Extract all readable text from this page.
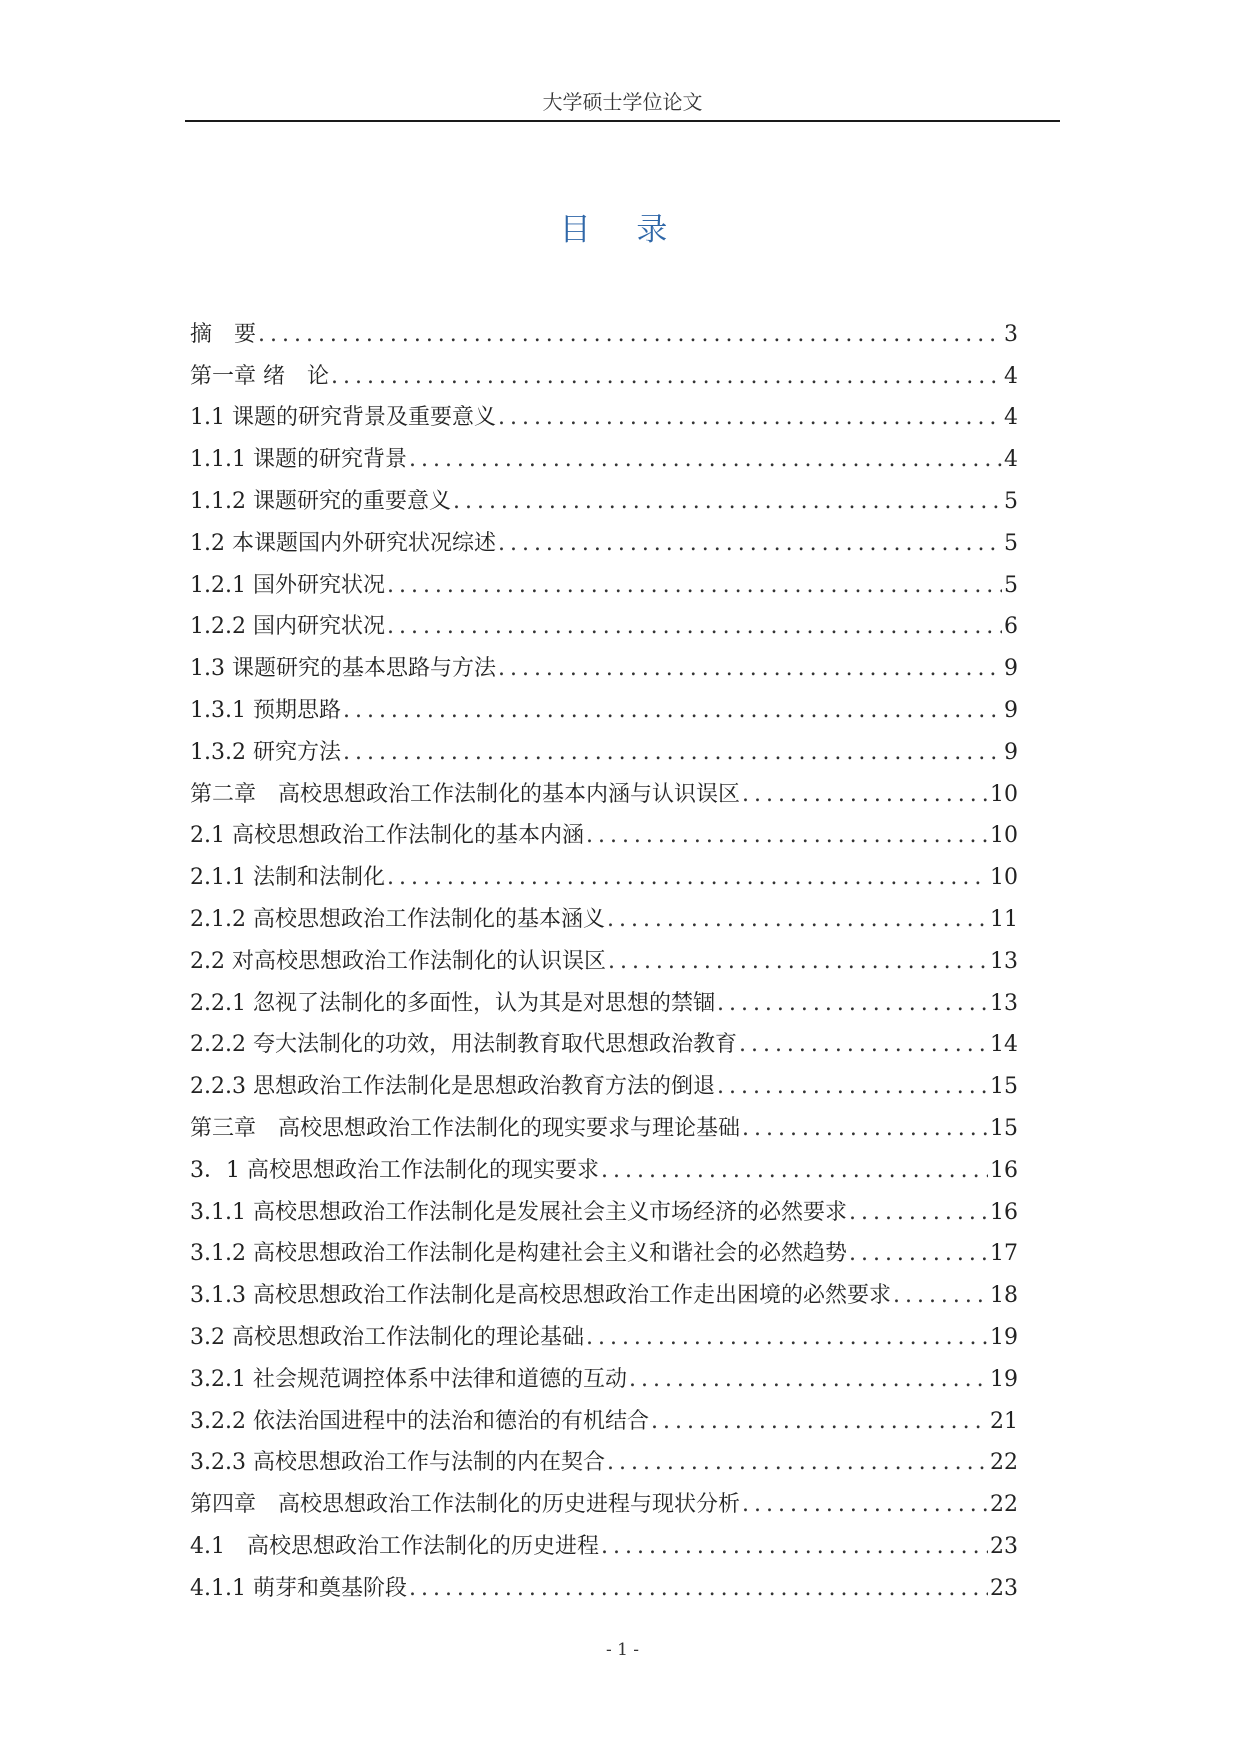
大学硕士学位论文
目 录
摘　要 . . .	3
第一章 绪　论 . . .	4
1.1 课题的研究背景及重要意义 . . .	4
1.1.1 课题的研究背景 . . .	4
1.1.2 课题研究的重要意义 . . .	5
1.2 本课题国内外研究状况综述 . . .	5
1.2.1 国外研究状况 . . .	5
1.2.2 国内研究状况 . . .	6
1.3 课题研究的基本思路与方法 . . .	9
1.3.1 预期思路 . . .	9
1.3.2 研究方法 . . .	9
第二章　高校思想政治工作法制化的基本内涵与认识误区 . . .	10
2.1 高校思想政治工作法制化的基本内涵 . . .	10
2.1.1 法制和法制化 . . .	10
2.1.2 高校思想政治工作法制化的基本涵义 . . .	11
2.2 对高校思想政治工作法制化的认识误区 . . .	13
2.2.1 忽视了法制化的多面性，认为其是对思想的禁锢 . . .	13
2.2.2 夸大法制化的功效，用法制教育取代思想政治教育 . . .	14
2.2.3 思想政治工作法制化是思想政治教育方法的倒退 . . .	15
第三章　高校思想政治工作法制化的现实要求与理论基础 . . .	15
3．1 高校思想政治工作法制化的现实要求 . . .	16
3.1.1 高校思想政治工作法制化是发展社会主义市场经济的必然要求 . . .	16
3.1.2 高校思想政治工作法制化是构建社会主义和谐社会的必然趋势 . . .	17
3.1.3 高校思想政治工作法制化是高校思想政治工作走出困境的必然要求 . . .	18
3.2 高校思想政治工作法制化的理论基础 . . .	19
3.2.1 社会规范调控体系中法律和道德的互动 . . .	19
3.2.2 依法治国进程中的法治和德治的有机结合 . . .	21
3.2.3 高校思想政治工作与法制的内在契合 . . .	22
第四章　高校思想政治工作法制化的历史进程与现状分析 . . .	22
4.1　高校思想政治工作法制化的历史进程 . . .	23
4.1.1 萌芽和奠基阶段 . . .	23
- 1 -
